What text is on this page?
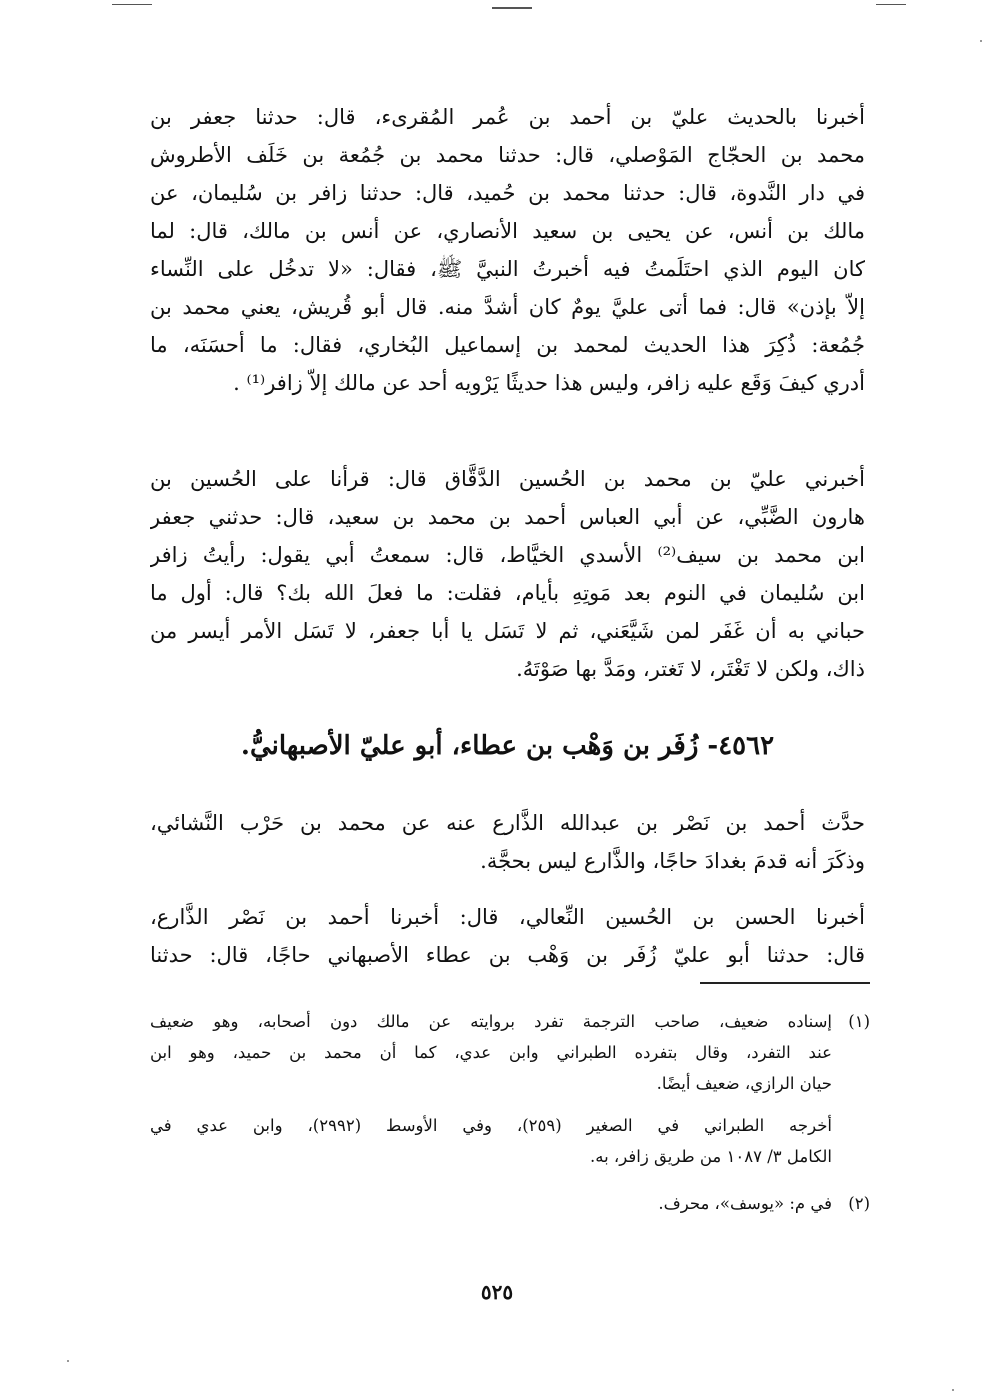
أخبرنا بالحديث عليّ بن أحمد بن عُمر المُقرىء، قال: حدثنا جعفر بن
محمد بن الحجّاج المَوْصلي، قال: حدثنا محمد بن جُمُعة بن خَلَف الأطروش
في دار النَّدوة، قال: حدثنا محمد بن حُميد، قال: حدثنا زافر بن سُليمان، عن
مالك بن أنس، عن يحيى بن سعيد الأنصاري، عن أنس بن مالك، قال: لما
كان اليوم الذي احتَلَمتُ فيه أخبرتُ النبيَّ ﷺ، فقال: «لا تدخُل على النِّساء
إلاّ بإذن» قال: فما أتى عليَّ يومٌ كان أشدَّ منه. قال أبو قُريش، يعني محمد بن
جُمُعة: ذُكِرَ هذا الحديث لمحمد بن إسماعيل البُخاري، فقال: ما أحسَنَه، ما
أدري كيفَ وَقَع عليه زافر، وليس هذا حديثًا يَرْويه أحد عن مالك إلاّ زافر⁽¹⁾ .
أخبرني عليّ بن محمد بن الحُسين الدَّقَّاق قال: قرأنا على الحُسين بن
هارون الضَّبِّي، عن أبي العباس أحمد بن محمد بن سعيد، قال: حدثني جعفر
ابن محمد بن سيف⁽²⁾ الأسدي الخيَّاط، قال: سمعتُ أبي يقول: رأيتُ زافر
ابن سُليمان في النوم بعد مَوتِهِ بأيام، فقلت: ما فعلَ الله بك؟ قال: أول ما
حباني به أن غَفَر لمن شَيَّعَني، ثم لا تَسَل يا أبا جعفر، لا تَسَل الأمر أيسر من
ذاك، ولكن لا تَغْتَر، لا تَغتر، ومَدَّ بها صَوْتَهُ.
٤٥٦٢- زُفَر بن وَهْب بن عطاء، أبو عليّ الأصبهانيُّ.
حدَّث أحمد بن نَصْر بن عبدالله الذَّارع عنه عن محمد بن حَرْب النَّشائي،
وذكَرَ أنه قدمَ بغدادَ حاجًا، والذَّارع ليس بحجَّة.
أخبرنا الحسن بن الحُسين النِّعالي، قال: أخبرنا أحمد بن نَصْر الذَّارع،
قال: حدثنا أبو عليّ زُفَر بن وَهْب بن عطاء الأصبهاني حاجًا، قال: حدثنا
(١)إسناده ضعيف، صاحب الترجمة تفرد بروايته عن مالك دون أصحابه، وهو ضعيف
عند التفرد، وقال بتفرده الطبراني وابن عدي، كما أن محمد بن حميد، وهو ابن
حيان الرازي، ضعيف أيضًا.
أخرجه الطبراني في الصغير (٢٥٩)، وفي الأوسط (٢٩٩٢)، وابن عدي في
الكامل ٣/ ١٠٨٧ من طريق زافر، به.
(٢)في م: «يوسف»، محرف.
٥٢٥
